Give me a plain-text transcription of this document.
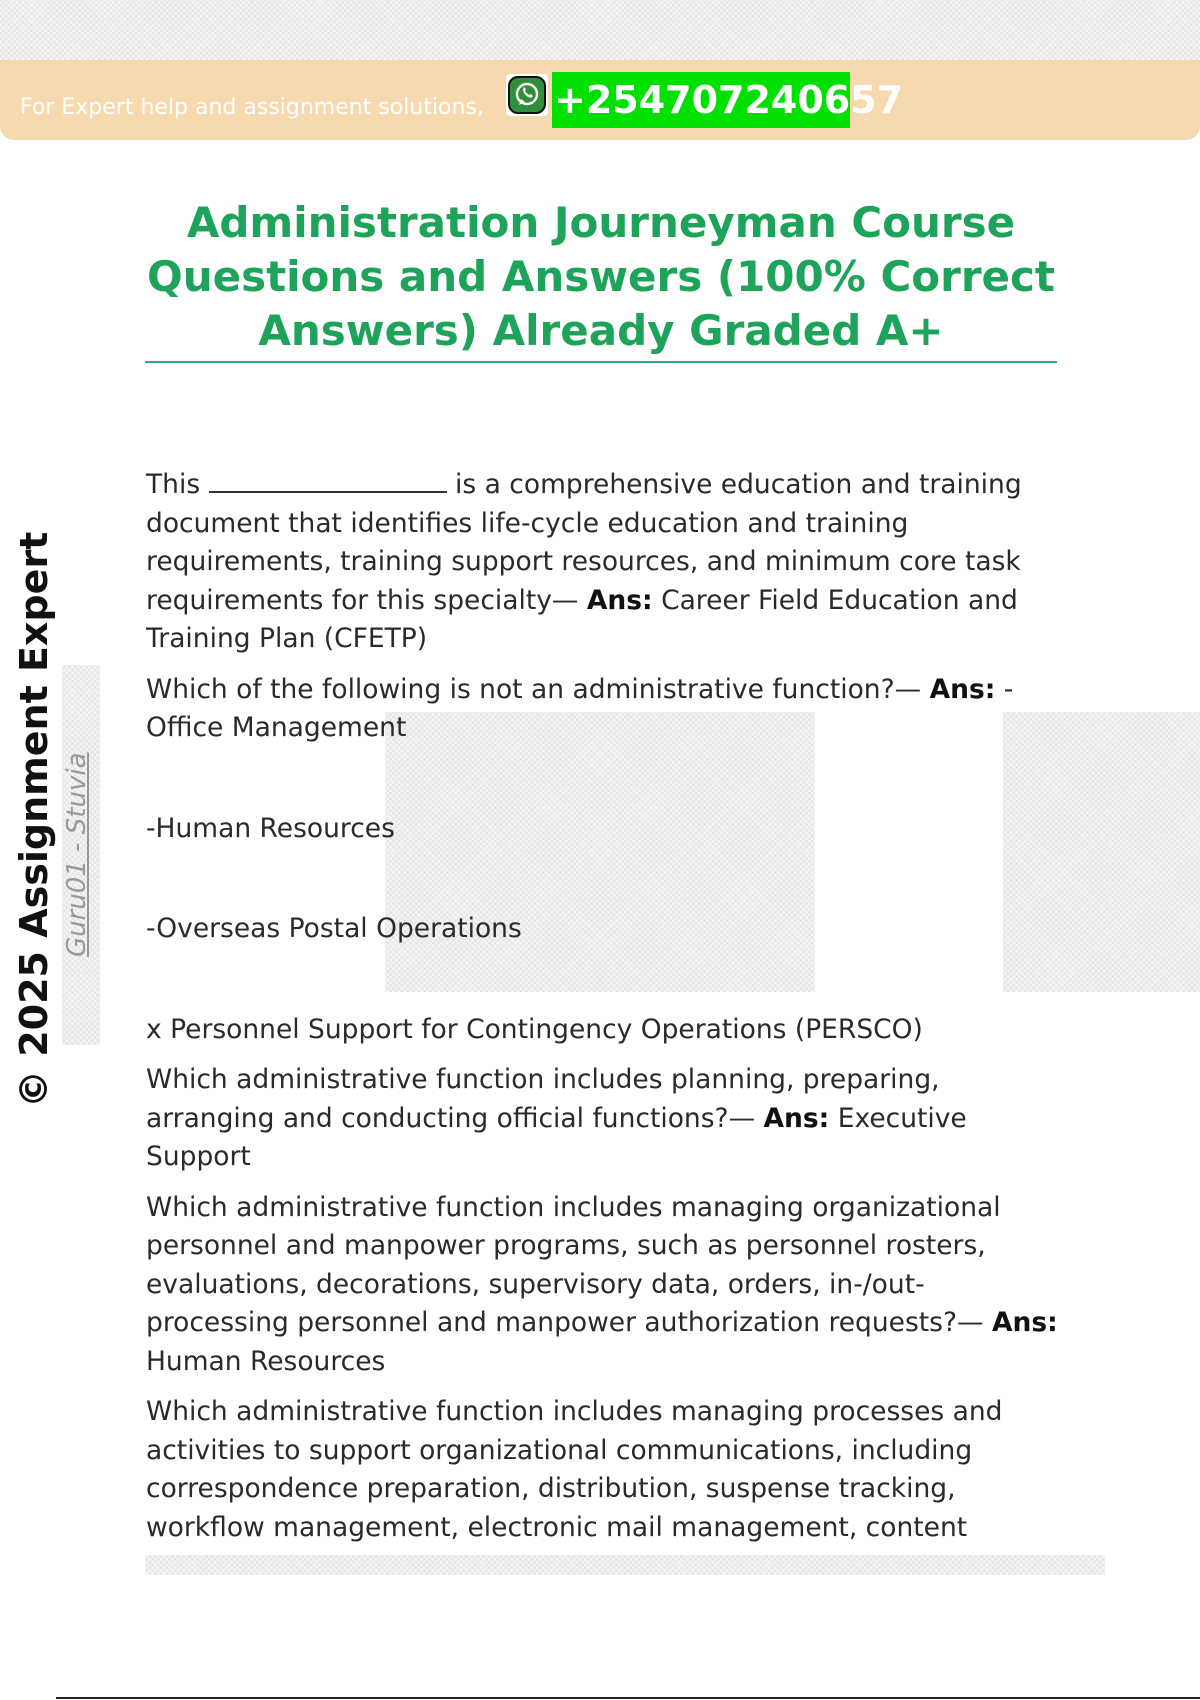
For Expert help and assignment solutions, +254707240657
Administration Journeyman Course
Questions and Answers (100% Correct
Answers) Already Graded A+
© 2025 Assignment Expert Guru01 - Stuvia

This	is a comprehensive education and training document that identifies life-cycle education and training requirements, training support resources, and minimum core task requirements for this specialty— Ans: Career Field Education and Training Plan (CFETP)

Which of the following is not an administrative function?— Ans: - Office Management

-Human Resources

-Overseas Postal Operations

x Personnel Support for Contingency Operations (PERSCO)

Which administrative function includes planning, preparing, arranging and conducting official functions?— Ans: Executive Support

Which administrative function includes managing organizational personnel and manpower programs, such as personnel rosters, evaluations, decorations, supervisory data, orders, in-/out-processing personnel and manpower authorization requests?— Ans: Human Resources

Which administrative function includes managing processes and activities to support organizational communications, including correspondence preparation, distribution, suspense tracking, workflow management, electronic mail management, content
